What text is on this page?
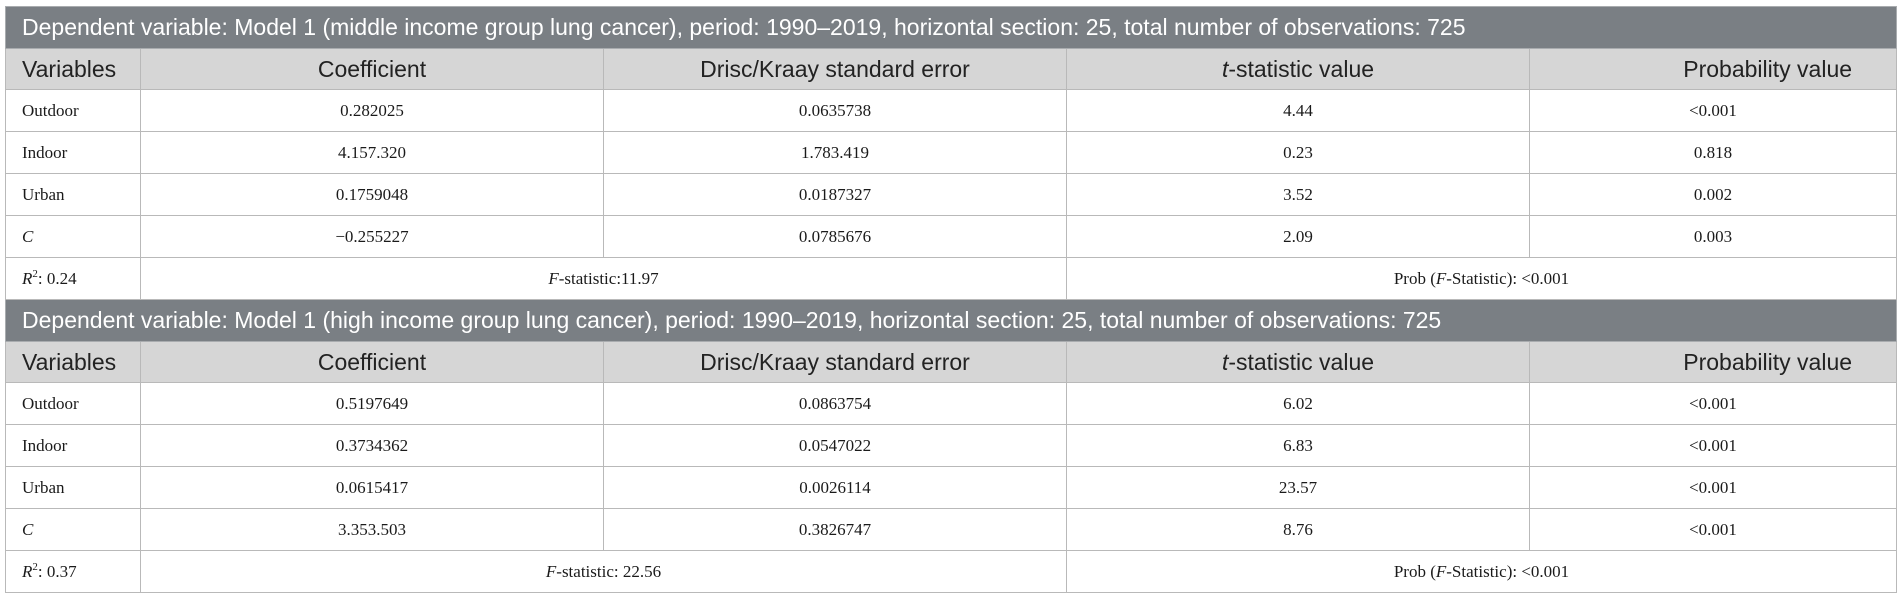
Dependent variable: Model 1 (middle income group lung cancer), period: 1990–2019, horizontal section: 25, total number of observations: 725				
Variables	Coefficient	Drisc/Kraay standard error	t-statistic value	Probability value
Outdoor	0.282025	0.0635738	4.44	<0.001
Indoor	4.157.320	1.783.419	0.23	0.818
Urban	0.1759048	0.0187327	3.52	0.002
C	−0.255227	0.0785676	2.09	0.003
$R^2$: 0.24	F-statistic:11.97		Prob (F-Statistic): <0.001	
Dependent variable: Model 1 (high income group lung cancer), period: 1990–2019, horizontal section: 25, total number of observations: 725				
Variables	Coefficient	Drisc/Kraay standard error	t-statistic value	Probability value
Outdoor	0.5197649	0.0863754	6.02	<0.001
Indoor	0.3734362	0.0547022	6.83	<0.001
Urban	0.0615417	0.0026114	23.57	<0.001
C	3.353.503	0.3826747	8.76	<0.001
$R^2$: 0.37	F-statistic: 22.56		Prob (F-Statistic): <0.001	
